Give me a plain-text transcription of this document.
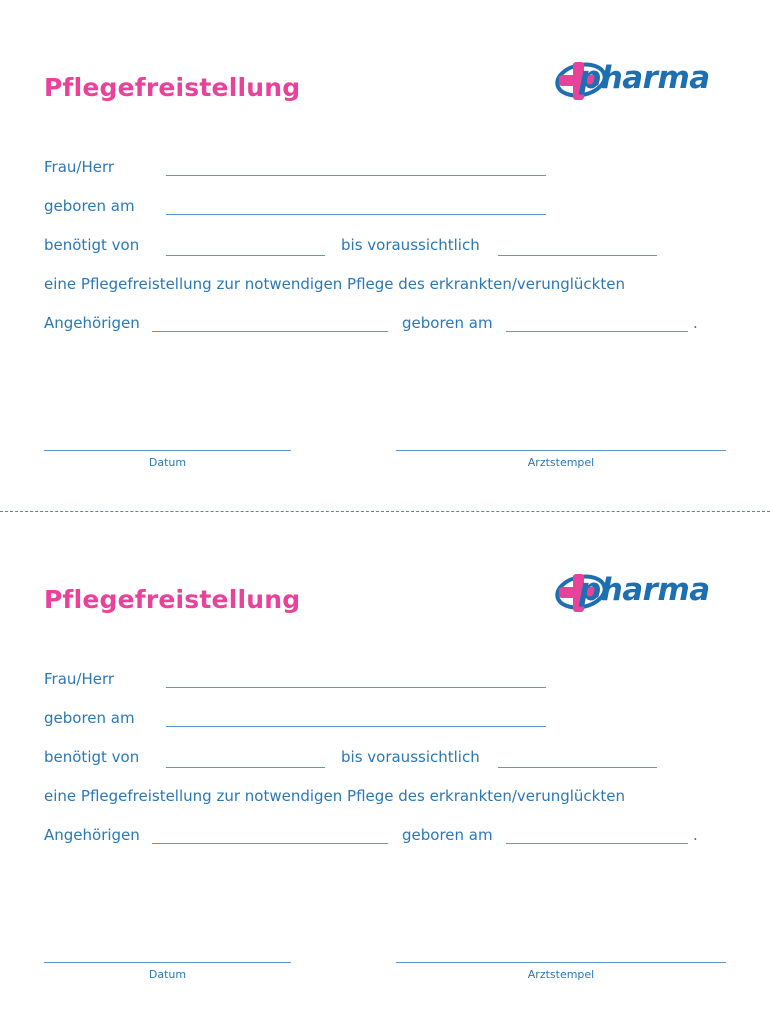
Pflegefreistellung	pharma
Frau/Herr
geboren am
benötigt von	bis voraussichtlich
eine Pflegefreistellung zur notwendigen Pflege des erkrankten/verunglückten
Angehörigen	geboren am	.
Datum	Arztstempel
Pflegefreistellung	pharma
Frau/Herr
geboren am
benötigt von	bis voraussichtlich
eine Pflegefreistellung zur notwendigen Pflege des erkrankten/verunglückten
Angehörigen	geboren am	.
Datum	Arztstempel
